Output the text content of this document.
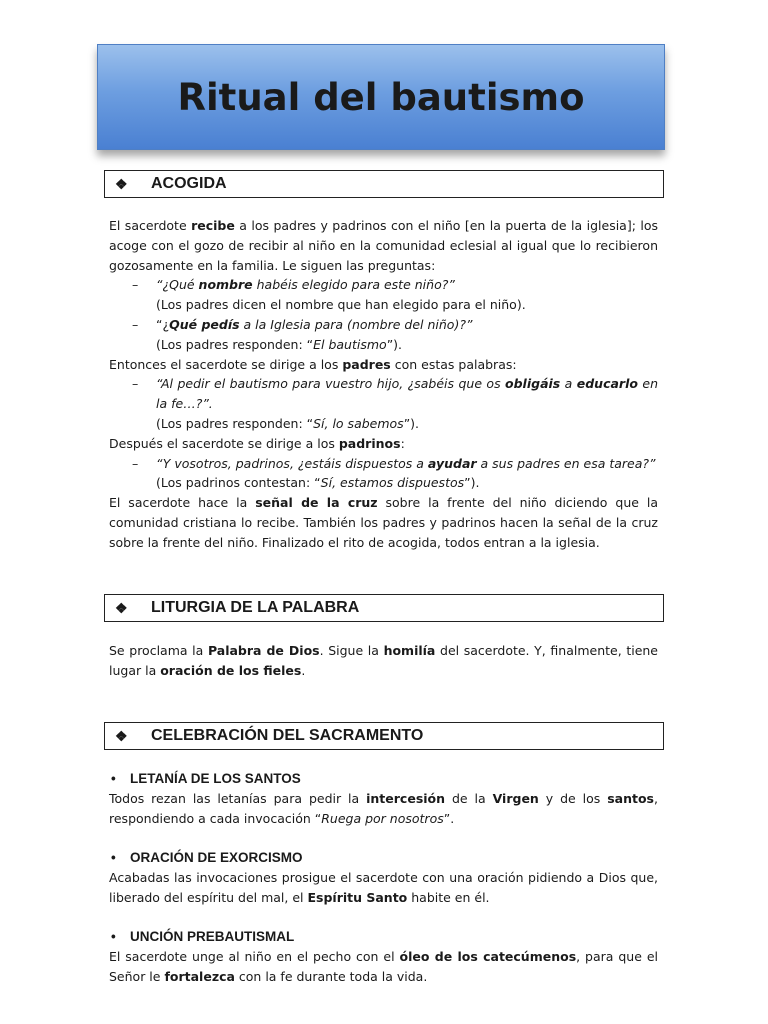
Ritual del bautismo
❖	ACOGIDA

El sacerdote recibe a los padres y padrinos con el niño [en la puerta de la iglesia]; los acoge con el gozo de recibir al niño en la comunidad eclesial al igual que lo recibieron gozosamente en la familia. Le siguen las preguntas:

– “¿Qué nombre habéis elegido para este niño?”

(Los padres dicen el nombre que han elegido para el niño).

– “¿Qué pedís a la Iglesia para (nombre del niño)?”

(Los padres responden: “El bautismo”).

Entonces el sacerdote se dirige a los padres con estas palabras:

– “Al pedir el bautismo para vuestro hijo, ¿sabéis que os obligáis a educarlo en la fe…?”.

(Los padres responden: “Sí, lo sabemos”).

Después el sacerdote se dirige a los padrinos:

– “Y vosotros, padrinos, ¿estáis dispuestos a ayudar a sus padres en esa tarea?”

(Los padrinos contestan: “Sí, estamos dispuestos”).

El sacerdote hace la señal de la cruz sobre la frente del niño diciendo que la comunidad cristiana lo recibe. También los padres y padrinos hacen la señal de la cruz sobre la frente del niño. Finalizado el rito de acogida, todos entran a la iglesia.

❖	LITURGIA DE LA PALABRA

Se proclama la Palabra de Dios. Sigue la homilía del sacerdote. Y, finalmente, tiene lugar la oración de los fieles.

❖	CELEBRACIÓN DEL SACRAMENTO

• LETANÍA DE LOS SANTOS

Todos rezan las letanías para pedir la intercesión de la Virgen y de los santos, respondiendo a cada invocación “Ruega por nosotros”.

• ORACIÓN DE EXORCISMO

Acabadas las invocaciones prosigue el sacerdote con una oración pidiendo a Dios que, liberado del espíritu del mal, el Espíritu Santo habite en él.

• UNCIÓN PREBAUTISMAL

El sacerdote unge al niño en el pecho con el óleo de los catecúmenos, para que el Señor le fortalezca con la fe durante toda la vida.
